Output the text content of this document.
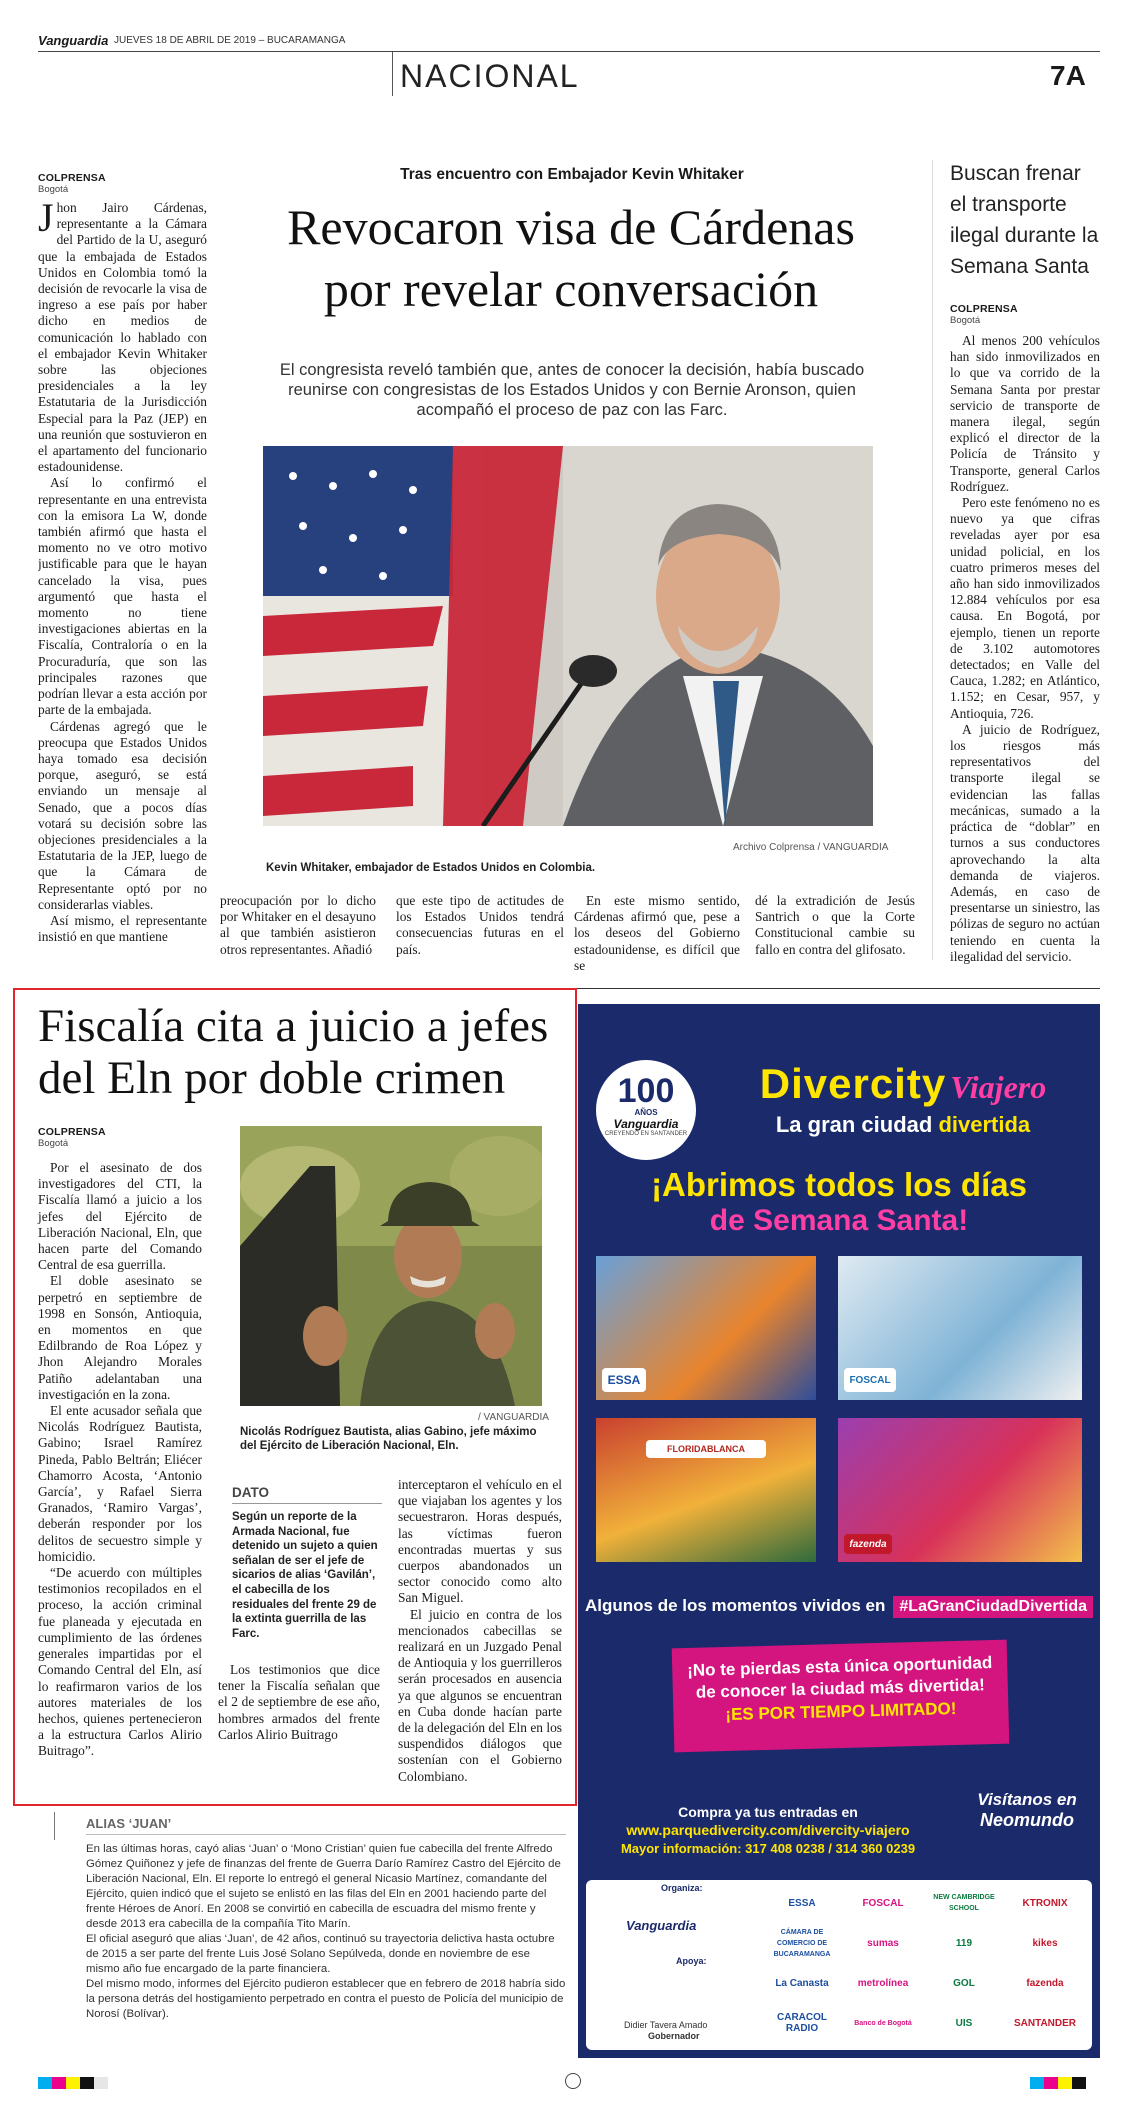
Vanguardia JUEVES 18 DE ABRIL DE 2019 – BUCARAMANGA
NACIONAL	7A
COLPRENSA
Bogotá

Jhon Jairo Cárdenas, representante a la Cámara del Partido de la U, aseguró que la embajada de Estados Unidos en Colombia tomó la decisión de revocarle la visa de ingreso a ese país por haber dicho en medios de comunicación lo hablado con el embajador Kevin Whitaker sobre las objeciones presidenciales a la ley Estatutaria de la Jurisdicción Especial para la Paz (JEP) en una reunión que sostuvieron en el apartamento del funcionario estadounidense.

Así lo confirmó el representante en una entrevista con la emisora La W, donde también afirmó que hasta el momento no ve otro motivo justificable para que le hayan cancelado la visa, pues argumentó que hasta el momento no tiene investigaciones abiertas en la Fiscalía, Contraloría o en la Procuraduría, que son las principales razones que podrían llevar a esta acción por parte de la embajada.

Cárdenas agregó que le preocupa que Estados Unidos haya tomado esa decisión porque, aseguró, se está enviando un mensaje al Senado, que a pocos días votará su decisión sobre las objeciones presidenciales a la Estatutaria de la JEP, luego de que la Cámara de Representante optó por no considerarlas viables.

Así mismo, el representante insistió en que mantiene

Tras encuentro con Embajador Kevin Whitaker
Revocaron visa de Cárdenas
por revelar conversación
El congresista reveló también que, antes de conocer la decisión, había buscado reunirse con congresistas de los Estados Unidos y con Bernie Aronson, quien acompañó el proceso de paz con las Farc.
Archivo Colprensa / VANGUARDIA
Kevin Whitaker, embajador de Estados Unidos en Colombia.
preocupación por lo dicho por Whitaker en el desayuno al que también asistieron otros representantes. Añadió
que este tipo de actitudes de los Estados Unidos tendrá consecuencias futuras en el país.

En este mismo sentido, Cárdenas afirmó que, pese a los deseos del Gobierno estadounidense, es difícil que se

dé la extradición de Jesús Santrich o que la Corte Constitucional cambie su fallo en contra del glifosato.
Buscan frenar el transporte ilegal durante la Semana Santa
COLPRENSA
Bogotá

Al menos 200 vehículos han sido inmovilizados en lo que va corrido de la Semana Santa por prestar servicio de transporte de manera ilegal, según explicó el director de la Policía de Tránsito y Transporte, general Carlos Rodríguez.

Pero este fenómeno no es nuevo ya que cifras reveladas ayer por esa unidad policial, en los cuatro primeros meses del año han sido inmovilizados 12.884 vehículos por esa causa. En Bogotá, por ejemplo, tienen un reporte de 3.102 automotores detectados; en Valle del Cauca, 1.282; en Atlántico, 1.152; en Cesar, 957, y Antioquia, 726.

A juicio de Rodríguez, los riesgos más representativos del transporte ilegal se evidencian las fallas mecánicas, sumado a la práctica de “doblar” en turnos a sus conductores aprovechando la alta demanda de viajeros. Además, en caso de presentarse un siniestro, las pólizas de seguro no actúan teniendo en cuenta la ilegalidad del servicio.

Fiscalía cita a juicio a jefes
del Eln por doble crimen
COLPRENSA
Bogotá

Por el asesinato de dos investigadores del CTI, la Fiscalía llamó a juicio a los jefes del Ejército de Liberación Nacional, Eln, que hacen parte del Comando Central de esa guerrilla.

El doble asesinato se perpetró en septiembre de 1998 en Sonsón, Antioquia, en momentos en que Edilbrando de Roa López y Jhon Alejandro Morales Patiño adelantaban una investigación en la zona.

El ente acusador señala que Nicolás Rodríguez Bautista, Gabino; Israel Ramírez Pineda, Pablo Beltrán; Eliécer Chamorro Acosta, ‘Antonio García’, y Rafael Sierra Granados, ‘Ramiro Vargas’, deberán responder por los delitos de secuestro simple y homicidio.

“De acuerdo con múltiples testimonios recopilados en el proceso, la acción criminal fue planeada y ejecutada en cumplimiento de las órdenes generales impartidas por el Comando Central del Eln, así lo reafirmaron varios de los autores materiales de los hechos, quienes pertenecieron a la estructura Carlos Alirio Buitrago”.

/ VANGUARDIA
Nicolás Rodríguez Bautista, alias Gabino, jefe máximo del Ejército de Liberación Nacional, Eln.
DATO
Según un reporte de la Armada Nacional, fue detenido un sujeto a quien señalan de ser el jefe de sicarios de alias ‘Gavilán’, el cabecilla de los residuales del frente 29 de la extinta guerrilla de las Farc.

Los testimonios que dice tener la Fiscalía señalan que el 2 de septiembre de ese año, hombres armados del frente Carlos Alirio Buitrago

interceptaron el vehículo en el que viajaban los agentes y los secuestraron. Horas después, las víctimas fueron encontradas muertas y sus cuerpos abandonados un sector conocido como alto San Miguel.

El juicio en contra de los mencionados cabecillas se realizará en un Juzgado Penal de Antioquia y los guerrilleros serán procesados en ausencia ya que algunos se encuentran en Cuba donde hacían parte de la delegación del Eln en los suspendidos diálogos que sostenían con el Gobierno Colombiano.

ALIAS ‘JUAN’
En las últimas horas, cayó alias ‘Juan’ o ‘Mono Cristian’ quien fue cabecilla del frente Alfredo Gómez Quiñonez y jefe de finanzas del frente de Guerra Darío Ramírez Castro del Ejército de Liberación Nacional, Eln. El reporte lo entregó el general Nicasio Martínez, comandante del Ejército, quien indicó que el sujeto se enlistó en las filas del Eln en 2001 haciendo parte del frente Héroes de Anorí. En 2008 se convirtió en cabecilla de escuadra del mismo frente y desde 2013 era cabecilla de la compañía Tito Marín.
El oficial aseguró que alias ‘Juan’, de 42 años, continuó su trayectoria delictiva hasta octubre de 2015 a ser parte del frente Luis José Solano Sepúlveda, donde en noviembre de ese mismo año fue encargado de la parte financiera.
Del mismo modo, informes del Ejército pudieron establecer que en febrero de 2018 habría sido la persona detrás del hostigamiento perpetrado en contra el puesto de Policía del municipio de Norosí (Bolívar).
100
AÑOS
Vanguardia
CREYENDO EN SANTANDER
Divercity Viajero
La gran ciudad divertida
¡Abrimos todos los días
de Semana Santa!
ESSA	FOSCAL
FLORIDABLANCA
fazenda
Algunos de los momentos vividos en #LaGranCiudadDivertida
¡No te pierdas esta única oportunidad
de conocer la ciudad más divertida!
¡ES POR TIEMPO LIMITADO!
Compra ya tus entradas en
www.parquedivercity.com/divercity-viajero
Mayor información: 317 408 0238 / 314 360 0239
Visítanos en
Neomundo
Organiza:
Vanguardia
Apoya:
Didier Tavera Amado
Gobernador
ESSA	FOSCAL	NEW CAMBRIDGE SCHOOL	KTRONIX
CÁMARA DE COMERCIO DE BUCARAMANGA
sumas	119	kikes
La Canasta	metrolínea	GOL	fazenda
CARACOL RADIO	Banco de Bogotá	UIS	SANTANDER
